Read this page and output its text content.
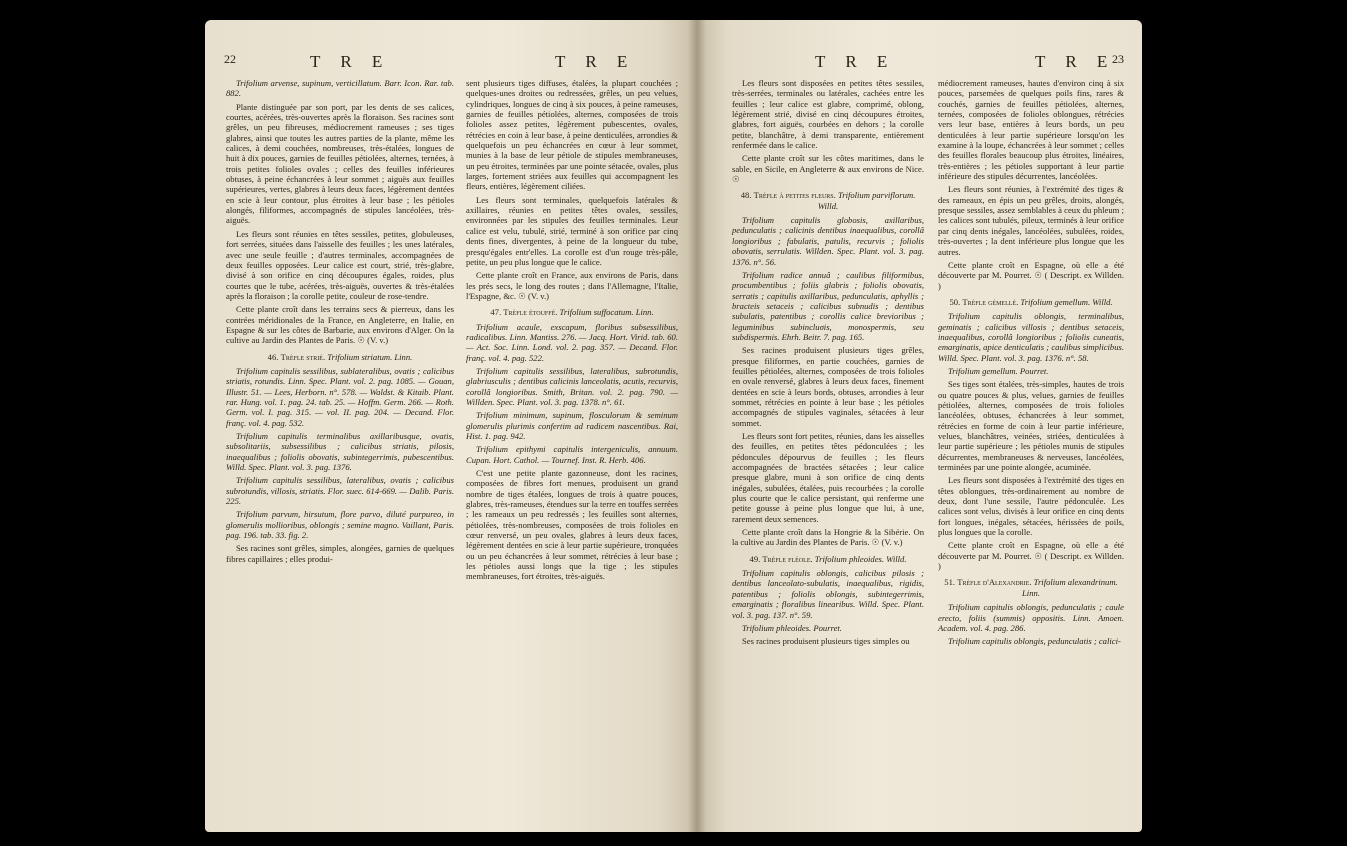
22	T R E	T R E	T R E	T R E
23

Trifolium arvense, supinum, verticillatum. Barr. Icon. Rar. tab. 882.

Plante distinguée par son port, par les dents de ses calices, courtes, acérées, très-ouvertes après la floraison. Ses racines sont grêles, un peu fibreuses, médiocrement rameuses ; ses tiges glabres, ainsi que toutes les autres parties de la plante, même les calices, à demi couchées, nombreuses, très-étalées, longues de huit à dix pouces, garnies de feuilles pétiolées, alternes, ternées, à trois petites folioles ovales ; celles des feuilles inférieures obtuses, à peine échancrées à leur sommet ; aiguës aux feuilles supérieures, vertes, glabres à leurs deux faces, légèrement dentées en scie à leur contour, plus étroites à leur base ; les pétioles alongés, filiformes, accompagnés de stipules lancéolées, très-aiguës.

Les fleurs sont réunies en têtes sessiles, petites, globuleuses, fort serrées, situées dans l'aisselle des feuilles ; les unes latérales, avec une seule feuille ; d'autres terminales, accompagnées de deux feuilles opposées. Leur calice est court, strié, très-glabre, divisé à son orifice en cinq découpures égales, roides, plus courtes que le tube, acérées, très-aiguës, ouvertes & très-étalées après la floraison ; la corolle petite, couleur de rose-tendre.

Cette plante croît dans les terrains secs & pierreux, dans les contrées méridionales de la France, en Angleterre, en Italie, en Espagne & sur les côtes de Barbarie, aux environs d'Alger. On la cultive au Jardin des Plantes de Paris. ☉ (V. v.)

46. Trèfle strié. Trifolium striatum. Linn.

Trifolium capitulis sessilibus, sublateralibus, ovatis ; calicibus striatis, rotundis. Linn. Spec. Plant. vol. 2. pag. 1085. — Gouan, Illustr. 51. — Lees, Herborn. n°. 578. — Waldst. & Kitaib. Plant. rar. Hung. vol. 1. pag. 24. tab. 25. — Hoffm. Germ. 266. — Roth. Germ. vol. I. pag. 315. — vol. II. pag. 204. — Decand. Flor. franç. vol. 4. pag. 532.

Trifolium capitulis terminalibus axillaribusque, ovatis, subsolitariis, subsessilibus ; calicibus striatis, pilosis, inaequalibus ; foliolis obovatis, subintegerrimis, pubescentibus. Willd. Spec. Plant. vol. 3. pag. 1376.

Trifolium capitulis sessilibus, lateralibus, ovatis ; calicibus subrotundis, villosis, striatis. Flor. suec. 614-669. — Dalib. Paris. 225.

Trifolium parvum, hirsutum, flore parvo, diluté purpureo, in glomerulis mollioribus, oblongis ; semine magno. Vaillant, Paris. pag. 196. tab. 33. fig. 2.

Ses racines sont grêles, simples, alongées, garnies de quelques fibres capillaires ; elles produi-

sent plusieurs tiges diffuses, étalées, la plupart couchées ; quelques-unes droites ou redressées, grêles, un peu velues, cylindriques, longues de cinq à six pouces, à peine rameuses, garnies de feuilles pétiolées, alternes, composées de trois folioles assez petites, légèrement pubescentes, ovales, rétrécies en coin à leur base, à peine denticulées, arrondies & quelquefois un peu échancrées en cœur à leur sommet, munies à la base de leur pétiole de stipules membraneuses, un peu étroites, terminées par une pointe sétacée, ovales, plus larges, fortement striées aux feuilles qui accompagnent les fleurs, entières, légèrement ciliées.

Les fleurs sont terminales, quelquefois latérales & axillaires, réunies en petites têtes ovales, sessiles, environnées par les stipules des feuilles terminales. Leur calice est velu, tubulé, strié, terminé à son orifice par cinq dents fines, divergentes, à peine de la longueur du tube, presqu'égales entr'elles. La corolle est d'un rouge très-pâle, petite, un peu plus longue que le calice.

Cette plante croît en France, aux environs de Paris, dans les prés secs, le long des routes ; dans l'Allemagne, l'Italie, l'Espagne, &c. ☉ (V. v.)

47. Trèfle étouffé. Trifolium suffocatum. Linn.

Trifolium acaule, exscapum, floribus subsessilibus, radicalibus. Linn. Mantiss. 276. — Jacq. Hort. Virid. tab. 60. — Act. Soc. Linn. Lond. vol. 2. pag. 357. — Decand. Flor. franç. vol. 4. pag. 522.

Trifolium capitulis sessilibus, lateralibus, subrotundis, glabriusculis ; dentibus calicinis lanceolatis, acutis, recurvis, corollâ longioribus. Smith, Britan. vol. 2. pag. 790. — Willden. Spec. Plant. vol. 3. pag. 1378. n°. 61.

Trifolium minimum, supinum, flosculorum & seminum glomerulis plurimis confertim ad radicem nascentibus. Rai, Hist. 1. pag. 942.

Trifolium epithymi capitulis intergeniculis, annuum. Cupan. Hort. Cathol. — Tournef. Inst. R. Herb. 406.

C'est une petite plante gazonneuse, dont les racines, composées de fibres fort menues, produisent un grand nombre de tiges étalées, longues de trois à quatre pouces, glabres, très-rameuses, étendues sur la terre en touffes serrées ; les rameaux un peu redressés ; les feuilles sont alternes, pétiolées, très-nombreuses, composées de trois folioles en cœur renversé, un peu ovales, glabres à leurs deux faces, légèrement dentées en scie à leur partie supérieure, tronquées ou un peu échancrées à leur sommet, rétrécies à leur base ; les pétioles aussi longs que la tige ; les stipules membraneuses, fort étroites, très-aiguës.

Les fleurs sont disposées en petites têtes sessiles, très-serrées, terminales ou latérales, cachées entre les feuilles ; leur calice est glabre, comprimé, oblong, légèrement strié, divisé en cinq découpures étroites, glabres, fort aiguës, courbées en dehors ; la corolle petite, blanchâtre, à demi transparente, entièrement renfermée dans le calice.

Cette plante croît sur les côtes maritimes, dans le sable, en Sicile, en Angleterre & aux environs de Nice. ☉

48. Trèfle à petites fleurs. Trifolium parviflorum. Willd.

Trifolium capitulis globosis, axillaribus, pedunculatis ; calicinis dentibus inaequalibus, corollâ longioribus ; fabulatis, patulis, recurvis ; foliolis obovatis, serrulatis. Willden. Spec. Plant. vol. 3. pag. 1376. n°. 56.

Trifolium radice annuâ ; caulibus filiformibus, procumbentibus ; foliis glabris ; foliolis obovatis, serratis ; capitulis axillaribus, pedunculatis, aphyllis ; bracteis setaceis ; calicibus subnudis ; dentibus subulatis, patentibus ; corollis calice brevioribus ; leguminibus subincluσis, monospermis, seu subdispermis. Ehrh. Beitr. 7. pag. 165.

Ses racines produisent plusieurs tiges grêles, presque filiformes, en partie couchées, garnies de feuilles pétiolées, alternes, composées de trois folioles en ovale renversé, glabres à leurs deux faces, finement dentées en scie à leurs bords, obtuses, arrondies à leur sommet, rétrécies en pointe à leur base ; les pétioles accompagnés de stipules vaginales, sétacées à leur sommet.

Les fleurs sont fort petites, réunies, dans les aisselles des feuilles, en petites têtes pédonculées ; les pédoncules dépourvus de feuilles ; les fleurs accompagnées de bractées sétacées ; leur calice presque glabre, muni à son orifice de cinq dents inégales, subulées, étalées, puis recourbées ; la corolle plus courte que le calice persistant, qui renferme une petite gousse à peine plus longue que lui, à une, rarement deux semences.

Cette plante croît dans la Hongrie & la Sibérie. On la cultive au Jardin des Plantes de Paris. ☉ (V. v.)

49. Trèfle fléole. Trifolium phleoides. Willd.

Trifolium capitulis oblongis, calicibus pilosis ; dentibus lanceolato-subulatis, inaequalibus, rigidis, patentibus ; foliolis oblongis, subintegerrimis, emarginatis ; floralibus linearibus. Willd. Spec. Plant. vol. 3. pag. 137. n°. 59.

Trifolium phleoides. Pourret.

Ses racines produisent plusieurs tiges simples ou

médiocrement rameuses, hautes d'environ cinq à six pouces, parsemées de quelques poils fins, rares & couchés, garnies de feuilles pétiolées, alternes, ternées, composées de folioles oblongues, rétrécies vers leur base, entières à leurs bords, un peu denticulées à leur partie supérieure lorsqu'on les examine à la loupe, échancrées à leur sommet ; celles des feuilles florales beaucoup plus étroites, linéaires, très-entières ; les pétioles supportant à leur partie inférieure des stipules décurrentes, lancéolées.

Les fleurs sont réunies, à l'extrémité des tiges & des rameaux, en épis un peu grêles, droits, alongés, presque sessiles, assez semblables à ceux du phleum ; les calices sont tubulés, pileux, terminés à leur orifice par cinq dents inégales, lancéolées, subulées, roides, très-ouvertes ; la dent inférieure plus longue que les autres.

Cette plante croît en Espagne, où elle a été découverte par M. Pourret. ☉ ( Descript. ex Willden. )

50. Trèfle gémellé. Trifolium gemellum. Willd.

Trifolium capitulis oblongis, terminalibus, geminatis ; calicibus villosis ; dentibus setaceis, inaequalibus, corollâ longioribus ; foliolis cuneatis, emarginatis, apice denticulatis ; caulibus simplicibus. Willd. Spec. Plant. vol. 3. pag. 1376. n°. 58.

Trifolium gemellum. Pourret.

Ses tiges sont étalées, très-simples, hautes de trois ou quatre pouces & plus, velues, garnies de feuilles pétiolées, alternes, composées de trois folioles lancéolées, obtuses, échancrées à leur sommet, rétrécies en forme de coin à leur partie inférieure, velues, blanchâtres, veinées, striées, denticulées à leur partie supérieure ; les pétioles munis de stipules décurrentes, membraneuses & nerveuses, lancéolées, terminées par une pointe alongée, acuminée.

Les fleurs sont disposées à l'extrémité des tiges en têtes oblongues, très-ordinairement au nombre de deux, dont l'une sessile, l'autre pédonculée. Les calices sont velus, divisés à leur orifice en cinq dents fort longues, inégales, sétacées, hérissées de poils, plus longues que la corolle.

Cette plante croît en Espagne, où elle a été découverte par M. Pourret. ☉ ( Descript. ex Willden. )

51. Trèfle d'Alexandrie. Trifolium alexandrinum. Linn.

Trifolium capitulis oblongis, pedunculatis ; caule erecto, foliis (summis) oppositis. Linn. Amoen. Academ. vol. 4. pag. 286.

Trifolium capitulis oblongis, pedunculatis ; calici-
